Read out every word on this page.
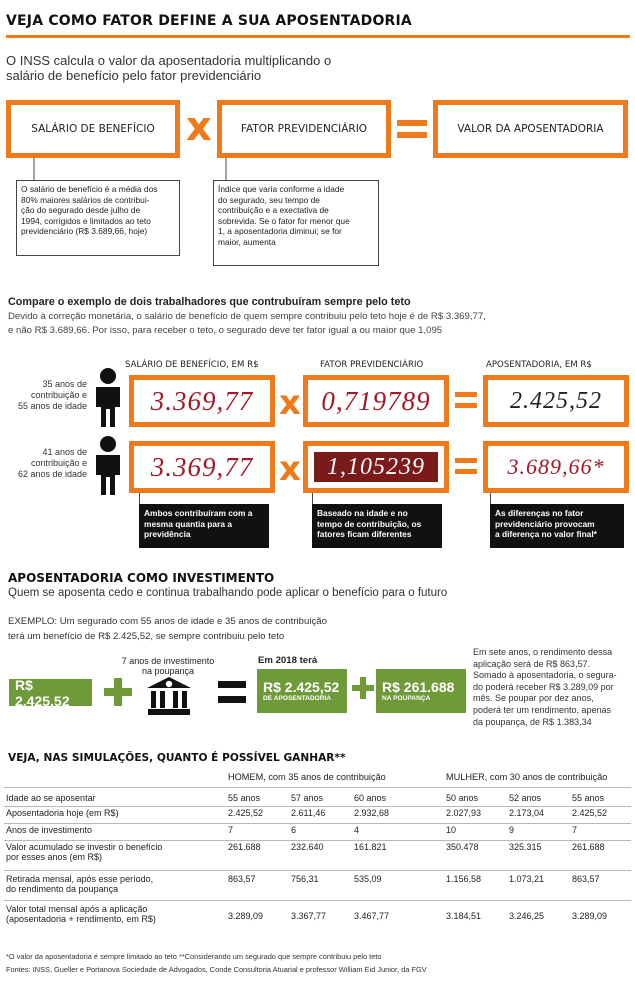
VEJA COMO FATOR DEFINE A SUA APOSENTADORIA
O INSS calcula o valor da aposentadoria multiplicando o
salário de benefício pelo fator previdenciário
SALÁRIO DE BENEFÍCIO x	FATOR PREVIDENCIÁRIO	VALOR DA APOSENTADORIA
O salário de benefício é a média dos
80% maiores salários de contribui-
ção do segurado desde julho de
1994, corrigidos e limitados ao teto
previdenciário (R$ 3.689,66, hoje)
Índice que varia conforme a idade
do segurado, seu tempo de
contribuição e a exectativa de
sobrevida. Se o fator for menor que
1, a aposentadoria diminui; se for
maior, aumenta
Compare o exemplo de dois trabalhadores que contrubuíram sempre pelo teto
Devido à correção monetária, o salário de benefício de quem sempre contribuiu pelo teto hoje é de R$ 3.369,77,
e não R$ 3.689,66. Por isso, para receber o teto, o segurado deve ter fator igual a ou maior que 1,095
SALÁRIO DE BENEFÍCIO, EM R$	FATOR PREVIDENCIÁRIO	APOSENTADORIA, EM R$
35 anos de
contribuição e
55 anos de idade
41 anos de
contribuição e
62 anos de idade
3.369,77 x 0,719789	2.425,52
3.369,77 x 1,105239	3.689,66*
Ambos contribuíram com a
mesma quantia para a
previdência
Baseado na idade e no
tempo de contribuição, os
fatores ficam diferentes
As diferenças no fator
previdenciário provocam
a diferença no valor final*
APOSENTADORIA COMO INVESTIMENTO
Quem se aposenta cedo e continua trabalhando pode aplicar o benefício para o futuro
EXEMPLO: Um segurado com 55 anos de idade e 35 anos de contribuição
terá um benefício de R$ 2.425,52, se sempre contribuiu pelo teto
R$ 2.425,52
7 anos de investimento
na poupança
Em 2018 terá
R$ 2.425,52
DE APOSENTADORIA
R$ 261.688
NA POUPANÇA
Em sete anos, o rendimento dessa
aplicação será de R$ 863,57.
Somado à aposentadoria, o segura-
do poderá receber R$ 3.289,09 por
mês. Se poupar por dez anos,
poderá ter um rendimento, apenas
da poupança, de R$ 1.383,34
VEJA, NAS SIMULAÇÕES, QUANTO É POSSÍVEL GANHAR**
	HOMEM, com 35 anos de contribuição			MULHER, com 30 anos de contribuição		
Idade ao se aposentar	55 anos	57 anos	60 anos	50 anos	52 anos	55 anos
Aposentadoria hoje (em R$)	2.425,52	2.611,46	2.932,68	2.027,93	2.173,04	2.425,52
Anos de investimento	7	6	4	10	9	7

Valor acumulado se investir o benefício
por esses anos (em R$)	261.688	232.640	161.821	350.478	325.315	261.688

Retirada mensal, após esse período,
do rendimento da poupança	863,57	756,31	535,09	1.156,58	1.073,21	863,57

Valor total mensal após a aplicação
(aposentadoria + rendimento, em R$)	3.289,09	3.367,77	3.467,77	3.184,51	3.246,25	3.289,09
*O valor da aposentadoria é sempre limitado ao teto **Considerando um segurado que sempre contribuiu pelo teto
Fontes: INSS, Gueller e Portanova Sociedade de Advogados, Conde Consultoria Atuarial e professor William Eid Junior, da FGV
